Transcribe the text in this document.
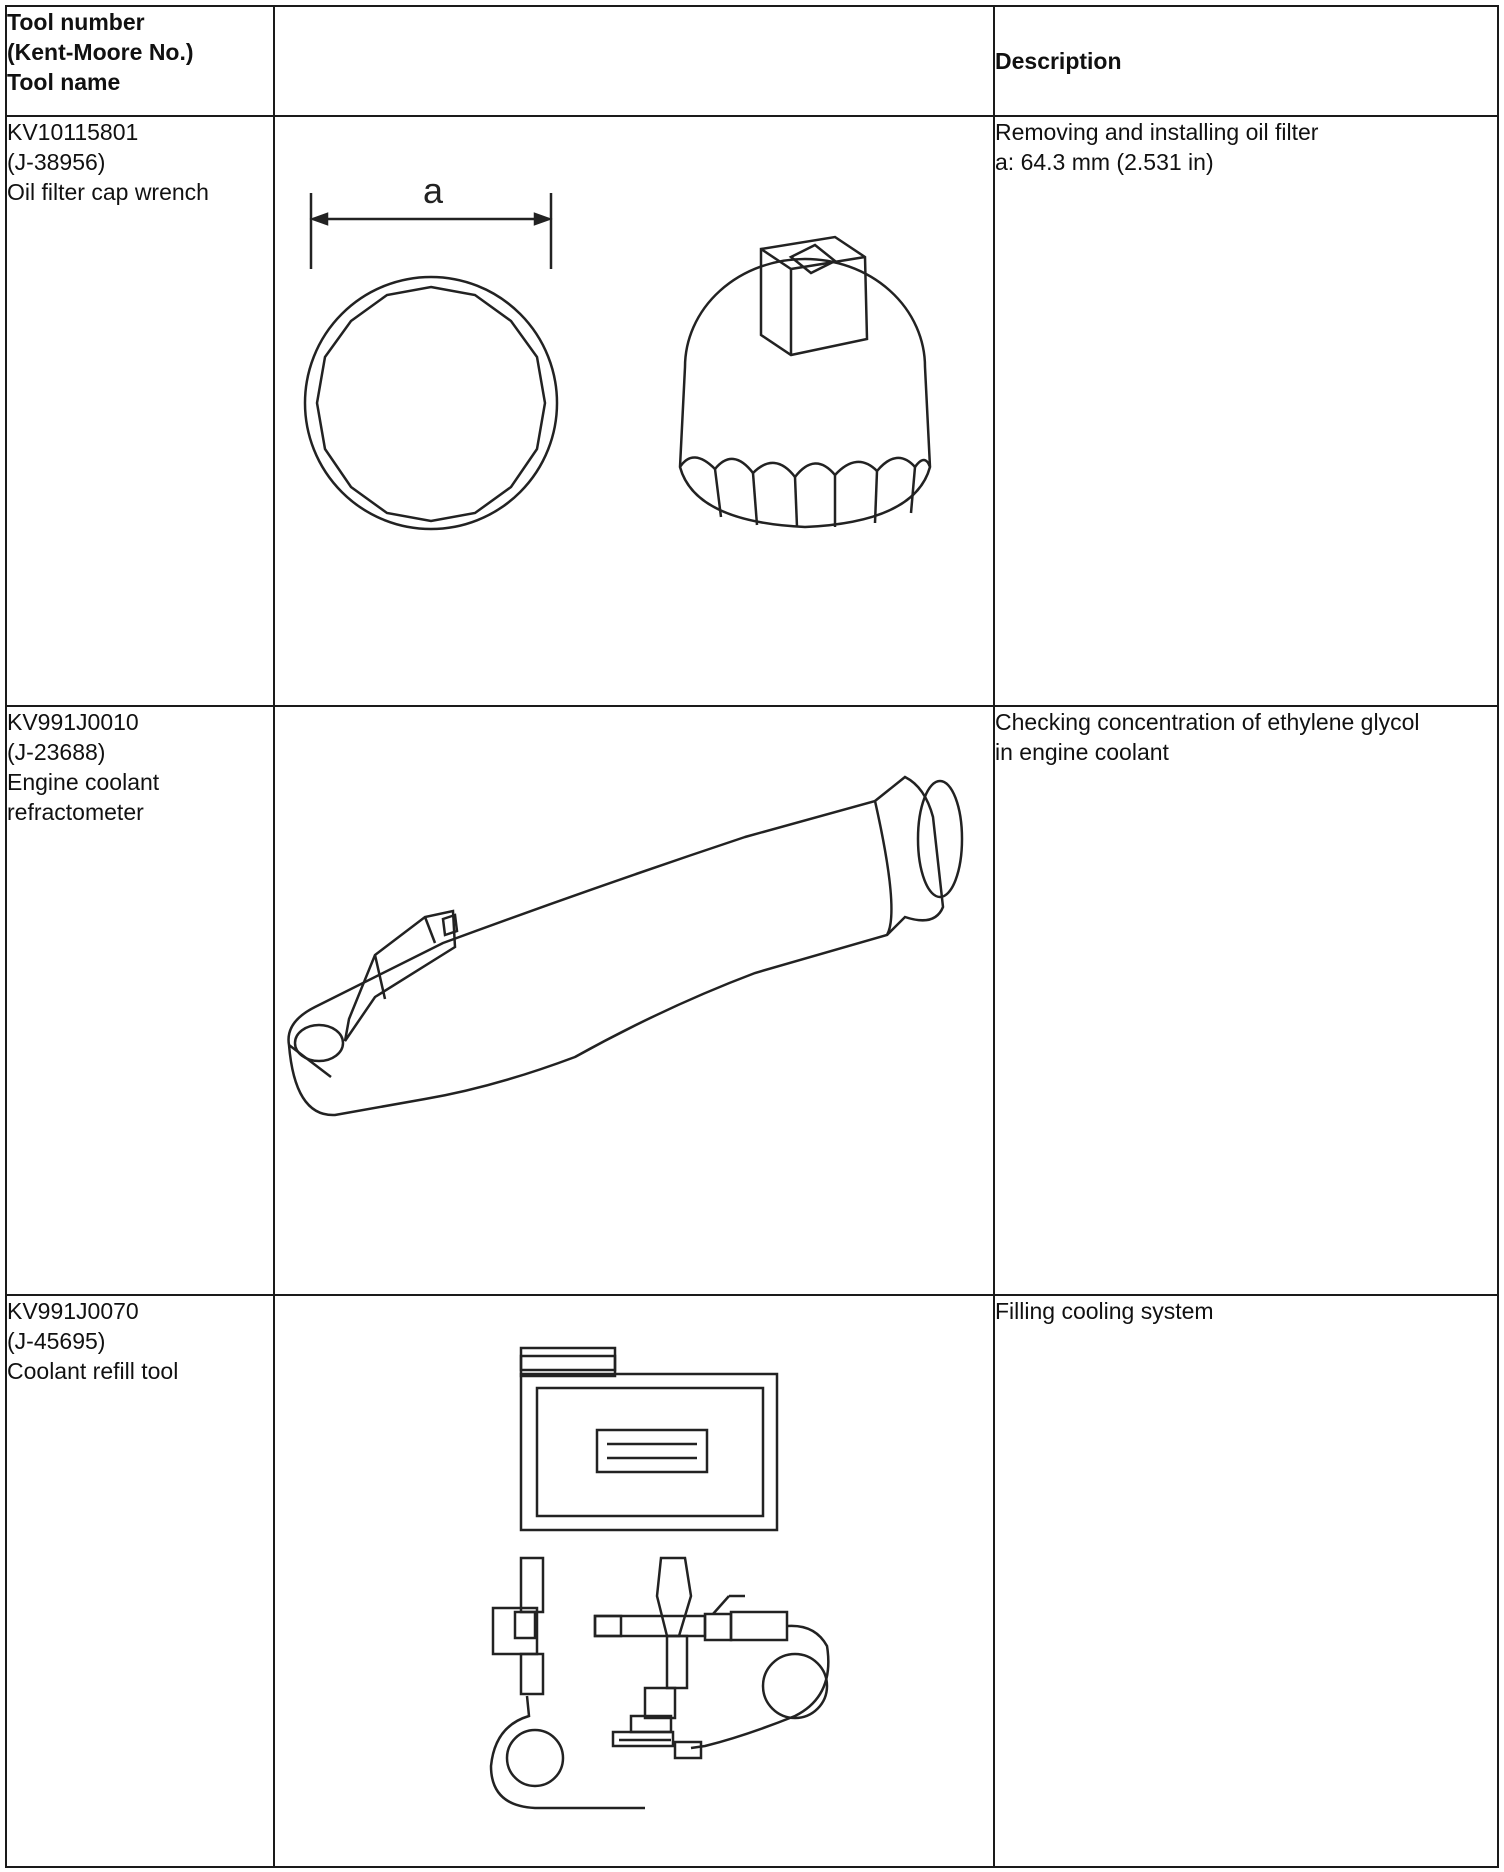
Tool number
(Kent-Moore No.)
Tool name		Description

KV10115801
(J-38956)
Oil filter cap wrench	a	Removing and installing oil filter
a: 64.3 mm (2.531 in)

KV991J0010
(J-23688)
Engine coolant
refractometer		Checking concentration of ethylene glycol
in engine coolant

KV991J0070
(J-45695)
Coolant refill tool		Filling cooling system
